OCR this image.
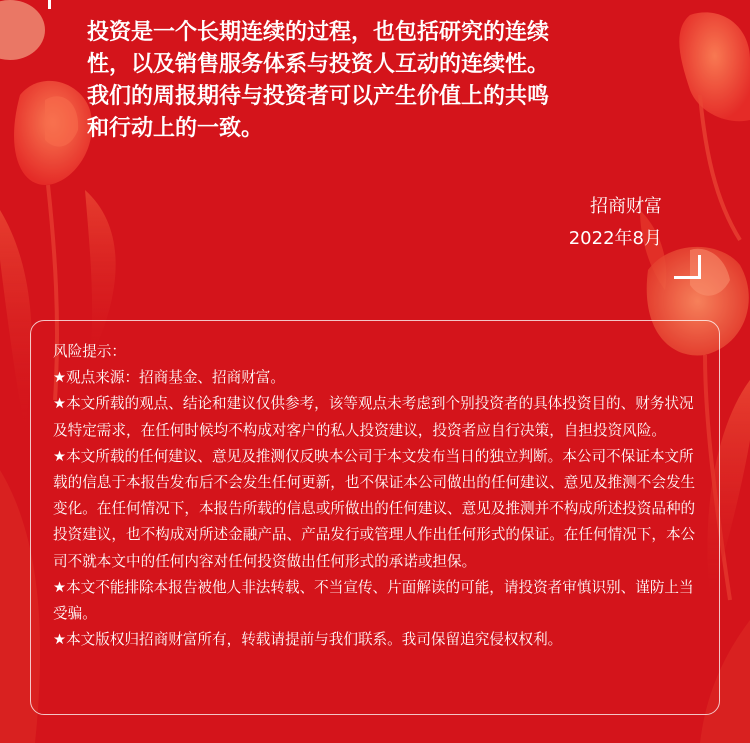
投资是一个长期连续的过程，也包括研究的连续
性，以及销售服务体系与投资人互动的连续性。
我们的周报期待与投资者可以产生价值上的共鸣
和行动上的一致。

招商财富
2022年8月

风险提示：

★观点来源：招商基金、招商财富。

★本文所载的观点、结论和建议仅供参考，该等观点未考虑到个别投资者的具体投资目的、财务状况及特定需求，在任何时候均不构成对客户的私人投资建议，投资者应自行决策，自担投资风险。

★本文所载的任何建议、意见及推测仅反映本公司于本文发布当日的独立判断。本公司不保证本文所载的信息于本报告发布后不会发生任何更新，也不保证本公司做出的任何建议、意见及推测不会发生变化。在任何情况下，本报告所载的信息或所做出的任何建议、意见及推测并不构成所述投资品种的投资建议，也不构成对所述金融产品、产品发行或管理人作出任何形式的保证。在任何情况下，本公司不就本文中的任何内容对任何投资做出任何形式的承诺或担保。

★本文不能排除本报告被他人非法转载、不当宣传、片面解读的可能，请投资者审慎识别、谨防上当受骗。

★本文版权归招商财富所有，转载请提前与我们联系。我司保留追究侵权权利。
